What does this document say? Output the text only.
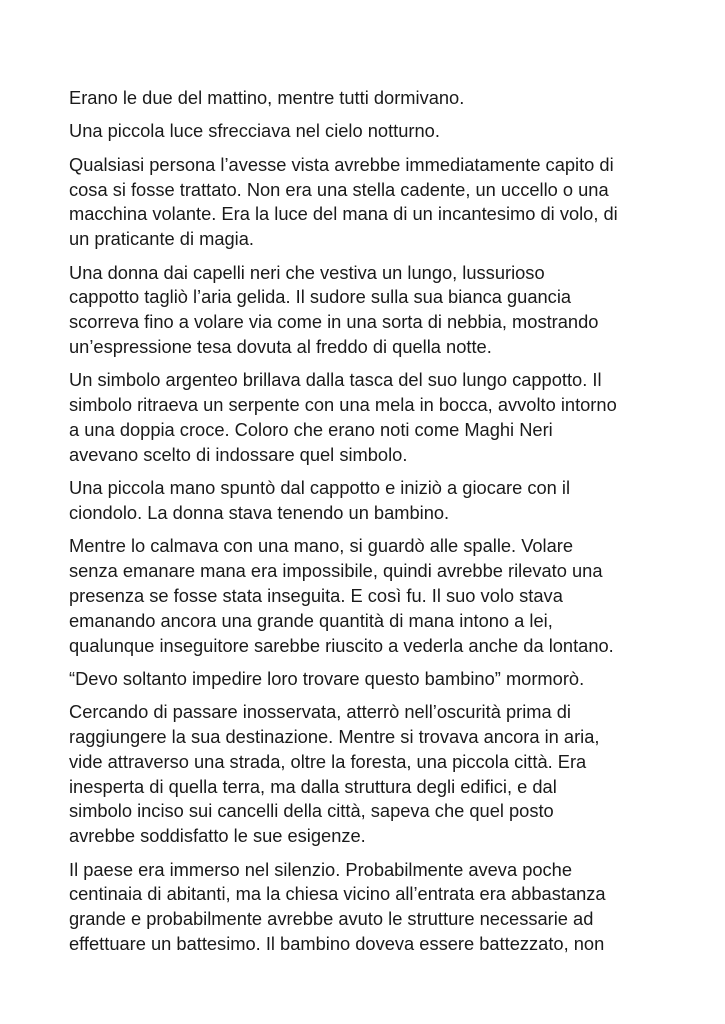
Erano le due del mattino, mentre tutti dormivano.

Una piccola luce sfrecciava nel cielo notturno.

Qualsiasi persona l’avesse vista avrebbe immediatamente capito di
cosa si fosse trattato. Non era una stella cadente, un uccello o una
macchina volante. Era la luce del mana di un incantesimo di volo, di
un praticante di magia.

Una donna dai capelli neri che vestiva un lungo, lussurioso
cappotto tagliò l’aria gelida. Il sudore sulla sua bianca guancia
scorreva fino a volare via come in una sorta di nebbia, mostrando
un’espressione tesa dovuta al freddo di quella notte.

Un simbolo argenteo brillava dalla tasca del suo lungo cappotto. Il
simbolo ritraeva un serpente con una mela in bocca, avvolto intorno
a una doppia croce. Coloro che erano noti come Maghi Neri
avevano scelto di indossare quel simbolo.

Una piccola mano spuntò dal cappotto e iniziò a giocare con il
ciondolo. La donna stava tenendo un bambino.

Mentre lo calmava con una mano, si guardò alle spalle. Volare
senza emanare mana era impossibile, quindi avrebbe rilevato una
presenza se fosse stata inseguita. E così fu. Il suo volo stava
emanando ancora una grande quantità di mana intono a lei,
qualunque inseguitore sarebbe riuscito a vederla anche da lontano.

“Devo soltanto impedire loro trovare questo bambino” mormorò.

Cercando di passare inosservata, atterrò nell’oscurità prima di
raggiungere la sua destinazione. Mentre si trovava ancora in aria,
vide attraverso una strada, oltre la foresta, una piccola città. Era
inesperta di quella terra, ma dalla struttura degli edifici, e dal
simbolo inciso sui cancelli della città, sapeva che quel posto
avrebbe soddisfatto le sue esigenze.

Il paese era immerso nel silenzio. Probabilmente aveva poche
centinaia di abitanti, ma la chiesa vicino all’entrata era abbastanza
grande e probabilmente avrebbe avuto le strutture necessarie ad
effettuare un battesimo. Il bambino doveva essere battezzato, non
